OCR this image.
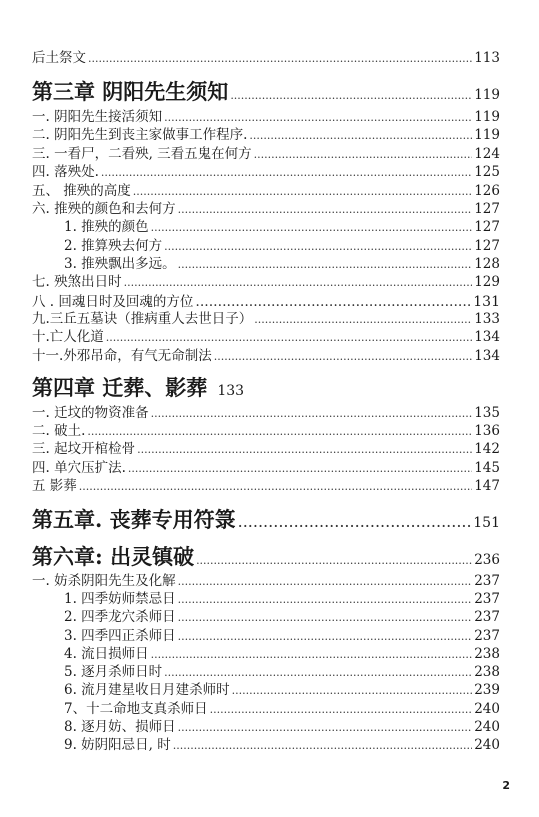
后土祭文 .....	113
第三章 阴阳先生须知 .....	119
一. 阴阳先生接活须知 .....	119
二. 阴阳先生到丧主家做事工作程序. .....	119
三. 一看尸，二看殃, 三看五鬼在何方 .....	124
四. 落殃处. .....	125
五、 推殃的高度 .....	126
六. 推殃的颜色和去何方 .....	127
1. 推殃的颜色 .....	127
2. 推算殃去何方 .....	127
3. 推殃飘出多远。 .....	128
七. 殃煞出日时 .....	129
八 . 回魂日时及回魂的方位 .....	131
九.三丘五墓诀（推病重人去世日子） .....	133
十.亡人化道 .....	134
十一.外邪吊命，有气无命制法 .....	134
第四章 迁葬、影葬 133
一. 迁坟的物资准备 .....	135
二. 破土. .....	136
三. 起坟开棺检骨 .....	142
四. 单穴压扩法. .....	145
五 影葬 .....	147
第五章. 丧葬专用符箓 .....	151
第六章: 出灵镇破 .....	236
一. 妨杀阴阳先生及化解 .....	237
1. 四季妨师禁忌日 .....	237
2. 四季龙穴杀师日 .....	237
3. 四季四正杀师日 .....	237
4. 流日损师日 .....	238
5. 逐月杀师日时 .....	238
6. 流月建星收日月建杀师时 .....	239
7、十二命地支真杀师日 .....	240
8. 逐月妨、损师日 .....	240
9. 妨阴阳忌日, 时 .....	240
2
